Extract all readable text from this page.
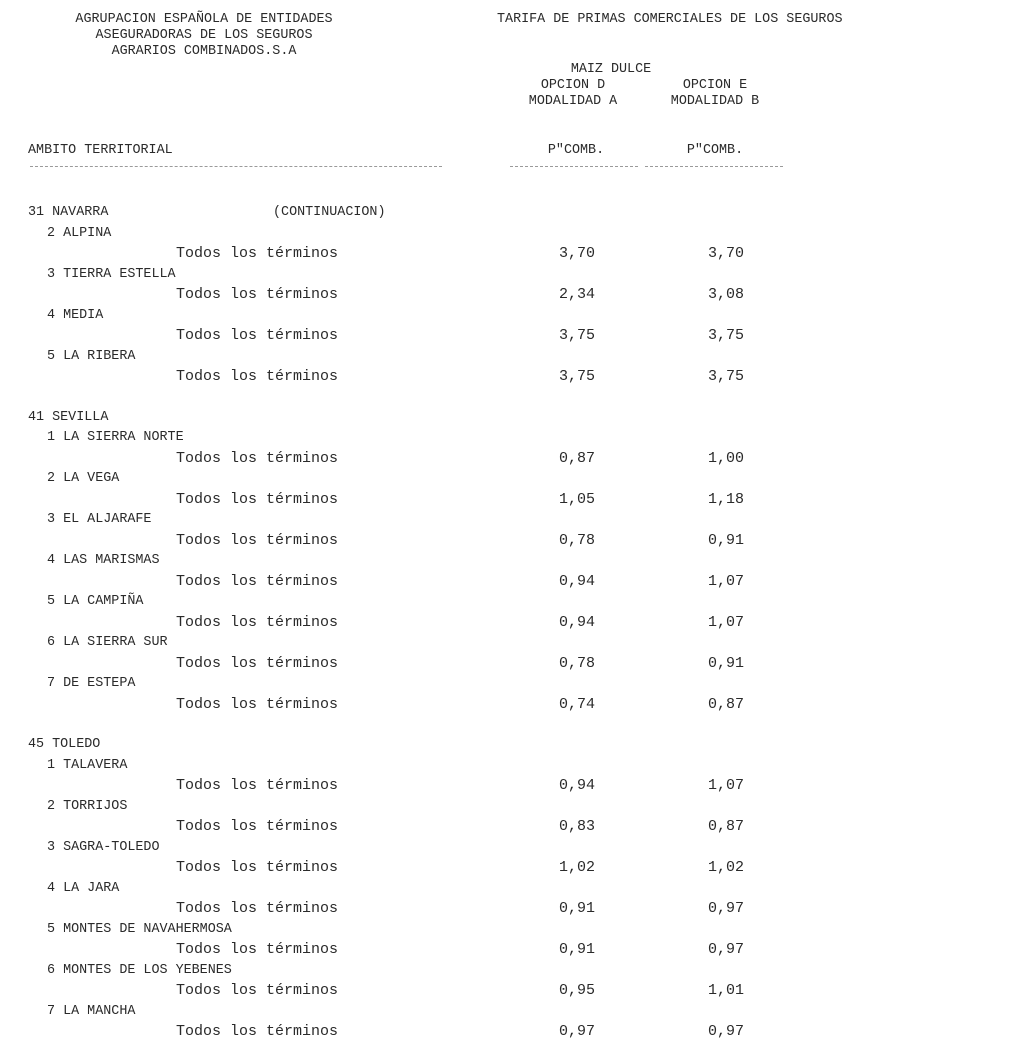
AGRUPACION ESPAÑOLA DE ENTIDADES
ASEGURADORAS DE LOS SEGUROS
AGRARIOS COMBINADOS.S.A
TARIFA DE PRIMAS COMERCIALES DE LOS SEGUROS
MAIZ DULCE
OPCION D
MODALIDAD A
OPCION E
MODALIDAD B
AMBITO TERRITORIAL	P"COMB.	P"COMB.
31 NAVARRA	(CONTINUACION)
2 ALPINA
Todos los términos	3,70	3,70
3 TIERRA ESTELLA
Todos los términos	2,34	3,08
4 MEDIA
Todos los términos	3,75	3,75
5 LA RIBERA
Todos los términos	3,75	3,75
41 SEVILLA
1 LA SIERRA NORTE
Todos los términos	0,87	1,00
2 LA VEGA
Todos los términos	1,05	1,18
3 EL ALJARAFE
Todos los términos	0,78	0,91
4 LAS MARISMAS
Todos los términos	0,94	1,07
5 LA CAMPIÑA
Todos los términos	0,94	1,07
6 LA SIERRA SUR
Todos los términos	0,78	0,91
7 DE ESTEPA
Todos los términos	0,74	0,87
45 TOLEDO
1 TALAVERA
Todos los términos	0,94	1,07
2 TORRIJOS
Todos los términos	0,83	0,87
3 SAGRA-TOLEDO
Todos los términos	1,02	1,02
4 LA JARA
Todos los términos	0,91	0,97
5 MONTES DE NAVAHERMOSA
Todos los términos	0,91	0,97
6 MONTES DE LOS YEBENES
Todos los términos	0,95	1,01
7 LA MANCHA
Todos los términos	0,97	0,97
